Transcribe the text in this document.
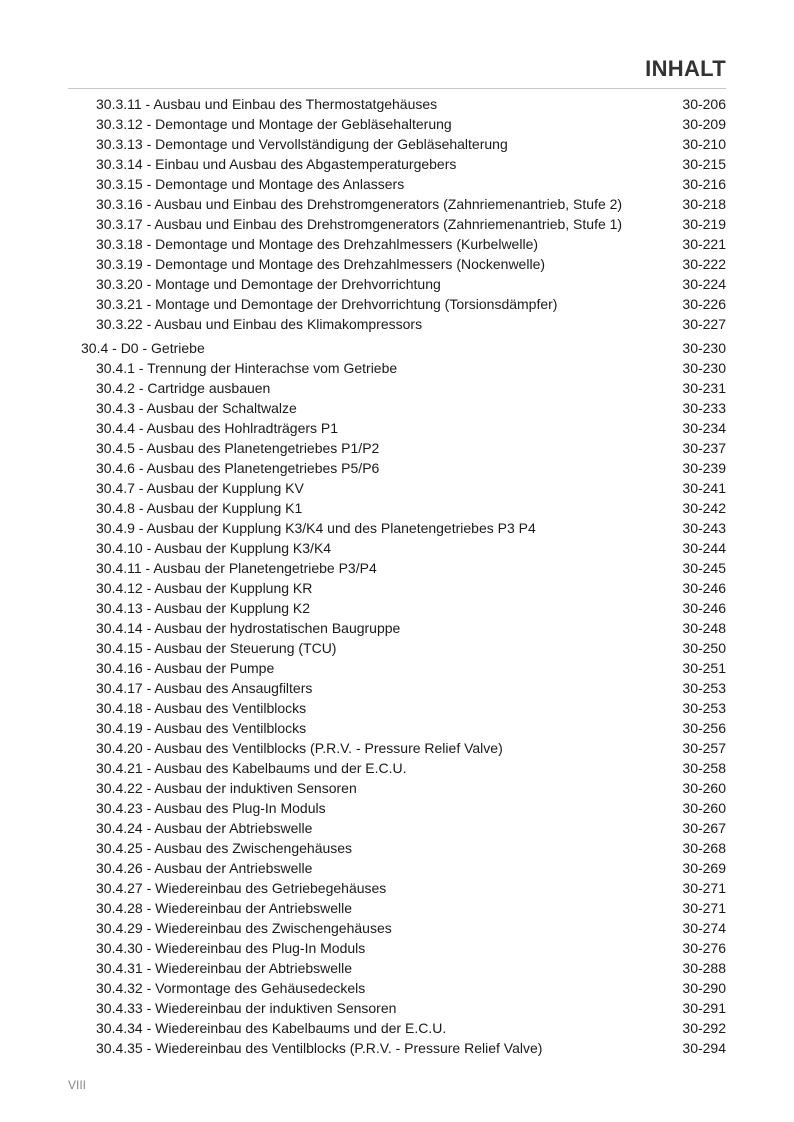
INHALT
30.3.11 - Ausbau und Einbau des Thermostatgehäuses	30-206
30.3.12 - Demontage und Montage der Gebläsehalterung	30-209
30.3.13 - Demontage und Vervollständigung der Gebläsehalterung	30-210
30.3.14 - Einbau und Ausbau des Abgastemperaturgebers	30-215
30.3.15 - Demontage und Montage des Anlassers	30-216
30.3.16 - Ausbau und Einbau des Drehstromgenerators (Zahnriemenantrieb, Stufe 2)	30-218
30.3.17 - Ausbau und Einbau des Drehstromgenerators (Zahnriemenantrieb, Stufe 1)	30-219
30.3.18 - Demontage und Montage des Drehzahlmessers (Kurbelwelle)	30-221
30.3.19 - Demontage und Montage des Drehzahlmessers (Nockenwelle)	30-222
30.3.20 - Montage und Demontage der Drehvorrichtung	30-224
30.3.21 - Montage und Demontage der Drehvorrichtung (Torsionsdämpfer)	30-226
30.3.22 - Ausbau und Einbau des Klimakompressors	30-227
30.4 - D0 - Getriebe	30-230
30.4.1 - Trennung der Hinterachse vom Getriebe	30-230
30.4.2 - Cartridge ausbauen	30-231
30.4.3 - Ausbau der Schaltwalze	30-233
30.4.4 - Ausbau des Hohlradträgers P1	30-234
30.4.5 - Ausbau des Planetengetriebes P1/P2	30-237
30.4.6 - Ausbau des Planetengetriebes P5/P6	30-239
30.4.7 - Ausbau der Kupplung KV	30-241
30.4.8 - Ausbau der Kupplung K1	30-242
30.4.9 - Ausbau der Kupplung K3/K4 und des Planetengetriebes P3 P4	30-243
30.4.10 - Ausbau der Kupplung K3/K4	30-244
30.4.11 - Ausbau der Planetengetriebe P3/P4	30-245
30.4.12 - Ausbau der Kupplung KR	30-246
30.4.13 - Ausbau der Kupplung K2	30-246
30.4.14 - Ausbau der hydrostatischen Baugruppe	30-248
30.4.15 - Ausbau der Steuerung (TCU)	30-250
30.4.16 - Ausbau der Pumpe	30-251
30.4.17 - Ausbau des Ansaugfilters	30-253
30.4.18 - Ausbau des Ventilblocks	30-253
30.4.19 - Ausbau des Ventilblocks	30-256
30.4.20 - Ausbau des Ventilblocks (P.R.V. - Pressure Relief Valve)	30-257
30.4.21 - Ausbau des Kabelbaums und der E.C.U.	30-258
30.4.22 - Ausbau der induktiven Sensoren	30-260
30.4.23 - Ausbau des Plug-In Moduls	30-260
30.4.24 - Ausbau der Abtriebswelle	30-267
30.4.25 - Ausbau des Zwischengehäuses	30-268
30.4.26 - Ausbau der Antriebswelle	30-269
30.4.27 - Wiedereinbau des Getriebegehäuses	30-271
30.4.28 - Wiedereinbau der Antriebswelle	30-271
30.4.29 - Wiedereinbau des Zwischengehäuses	30-274
30.4.30 - Wiedereinbau des Plug-In Moduls	30-276
30.4.31 - Wiedereinbau der Abtriebswelle	30-288
30.4.32 - Vormontage des Gehäusedeckels	30-290
30.4.33 - Wiedereinbau der induktiven Sensoren	30-291
30.4.34 - Wiedereinbau des Kabelbaums und der E.C.U.	30-292
30.4.35 - Wiedereinbau des Ventilblocks (P.R.V. - Pressure Relief Valve)	30-294
VIII
